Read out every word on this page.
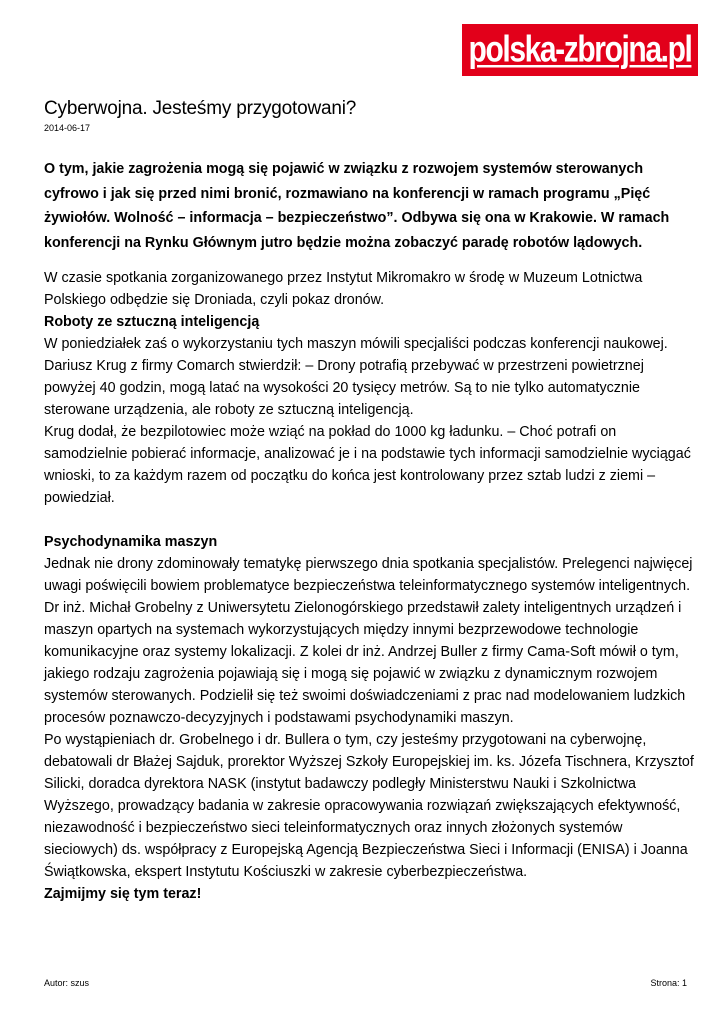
polska-zbrojna.pl
Cyberwojna. Jesteśmy przygotowani?
2014-06-17

O tym, jakie zagrożenia mogą się pojawić w związku z rozwojem systemów sterowanych cyfrowo i jak się przed nimi bronić, rozmawiano na konferencji w ramach programu „Pięć żywiołów. Wolność – informacja – bezpieczeństwo”. Odbywa się ona w Krakowie. W ramach konferencji na Rynku Głównym jutro będzie można zobaczyć paradę robotów lądowych.

W czasie spotkania zorganizowanego przez Instytut Mikromakro w środę w Muzeum Lotnictwa Polskiego odbędzie się Droniada, czyli pokaz dronów.

Roboty ze sztuczną inteligencją

W poniedziałek zaś o wykorzystaniu tych maszyn mówili specjaliści podczas konferencji naukowej. Dariusz Krug z firmy Comarch stwierdził: – Drony potrafią przebywać w przestrzeni powietrznej powyżej 40 godzin, mogą latać na wysokości 20 tysięcy metrów. Są to nie tylko automatycznie sterowane urządzenia, ale roboty ze sztuczną inteligencją.

Krug dodał, że bezpilotowiec może wziąć na pokład do 1000 kg ładunku. – Choć potrafi on samodzielnie pobierać informacje, analizować je i na podstawie tych informacji samodzielnie wyciągać wnioski, to za każdym razem od początku do końca jest kontrolowany przez sztab ludzi z ziemi – powiedział.

Psychodynamika maszyn

Jednak nie drony zdominowały tematykę pierwszego dnia spotkania specjalistów. Prelegenci najwięcej uwagi poświęcili bowiem problematyce bezpieczeństwa teleinformatycznego systemów inteligentnych. Dr inż. Michał Grobelny z Uniwersytetu Zielonogórskiego przedstawił zalety inteligentnych urządzeń i maszyn opartych na systemach wykorzystujących między innymi bezprzewodowe technologie komunikacyjne oraz systemy lokalizacji. Z kolei dr inż. Andrzej Buller z firmy Cama-Soft mówił o tym, jakiego rodzaju zagrożenia pojawiają się i mogą się pojawić w związku z dynamicznym rozwojem systemów sterowanych. Podzielił się też swoimi doświadczeniami z prac nad modelowaniem ludzkich procesów poznawczo-decyzyjnych i podstawami psychodynamiki maszyn.

Po wystąpieniach dr. Grobelnego i dr. Bullera o tym, czy jesteśmy przygotowani na cyberwojnę, debatowali dr Błażej Sajduk, prorektor Wyższej Szkoły Europejskiej im. ks. Józefa Tischnera, Krzysztof Silicki, doradca dyrektora NASK (instytut badawczy podległy Ministerstwu Nauki i Szkolnictwa Wyższego, prowadzący badania w zakresie opracowywania rozwiązań zwiększających efektywność, niezawodność i bezpieczeństwo sieci teleinformatycznych oraz innych złożonych systemów sieciowych) ds. współpracy z Europejską Agencją Bezpieczeństwa Sieci i Informacji (ENISA) i Joanna Świątkowska, ekspert Instytutu Kościuszki w zakresie cyberbezpieczeństwa.

Zajmijmy się tym teraz!

Autor: szus	Strona: 1
